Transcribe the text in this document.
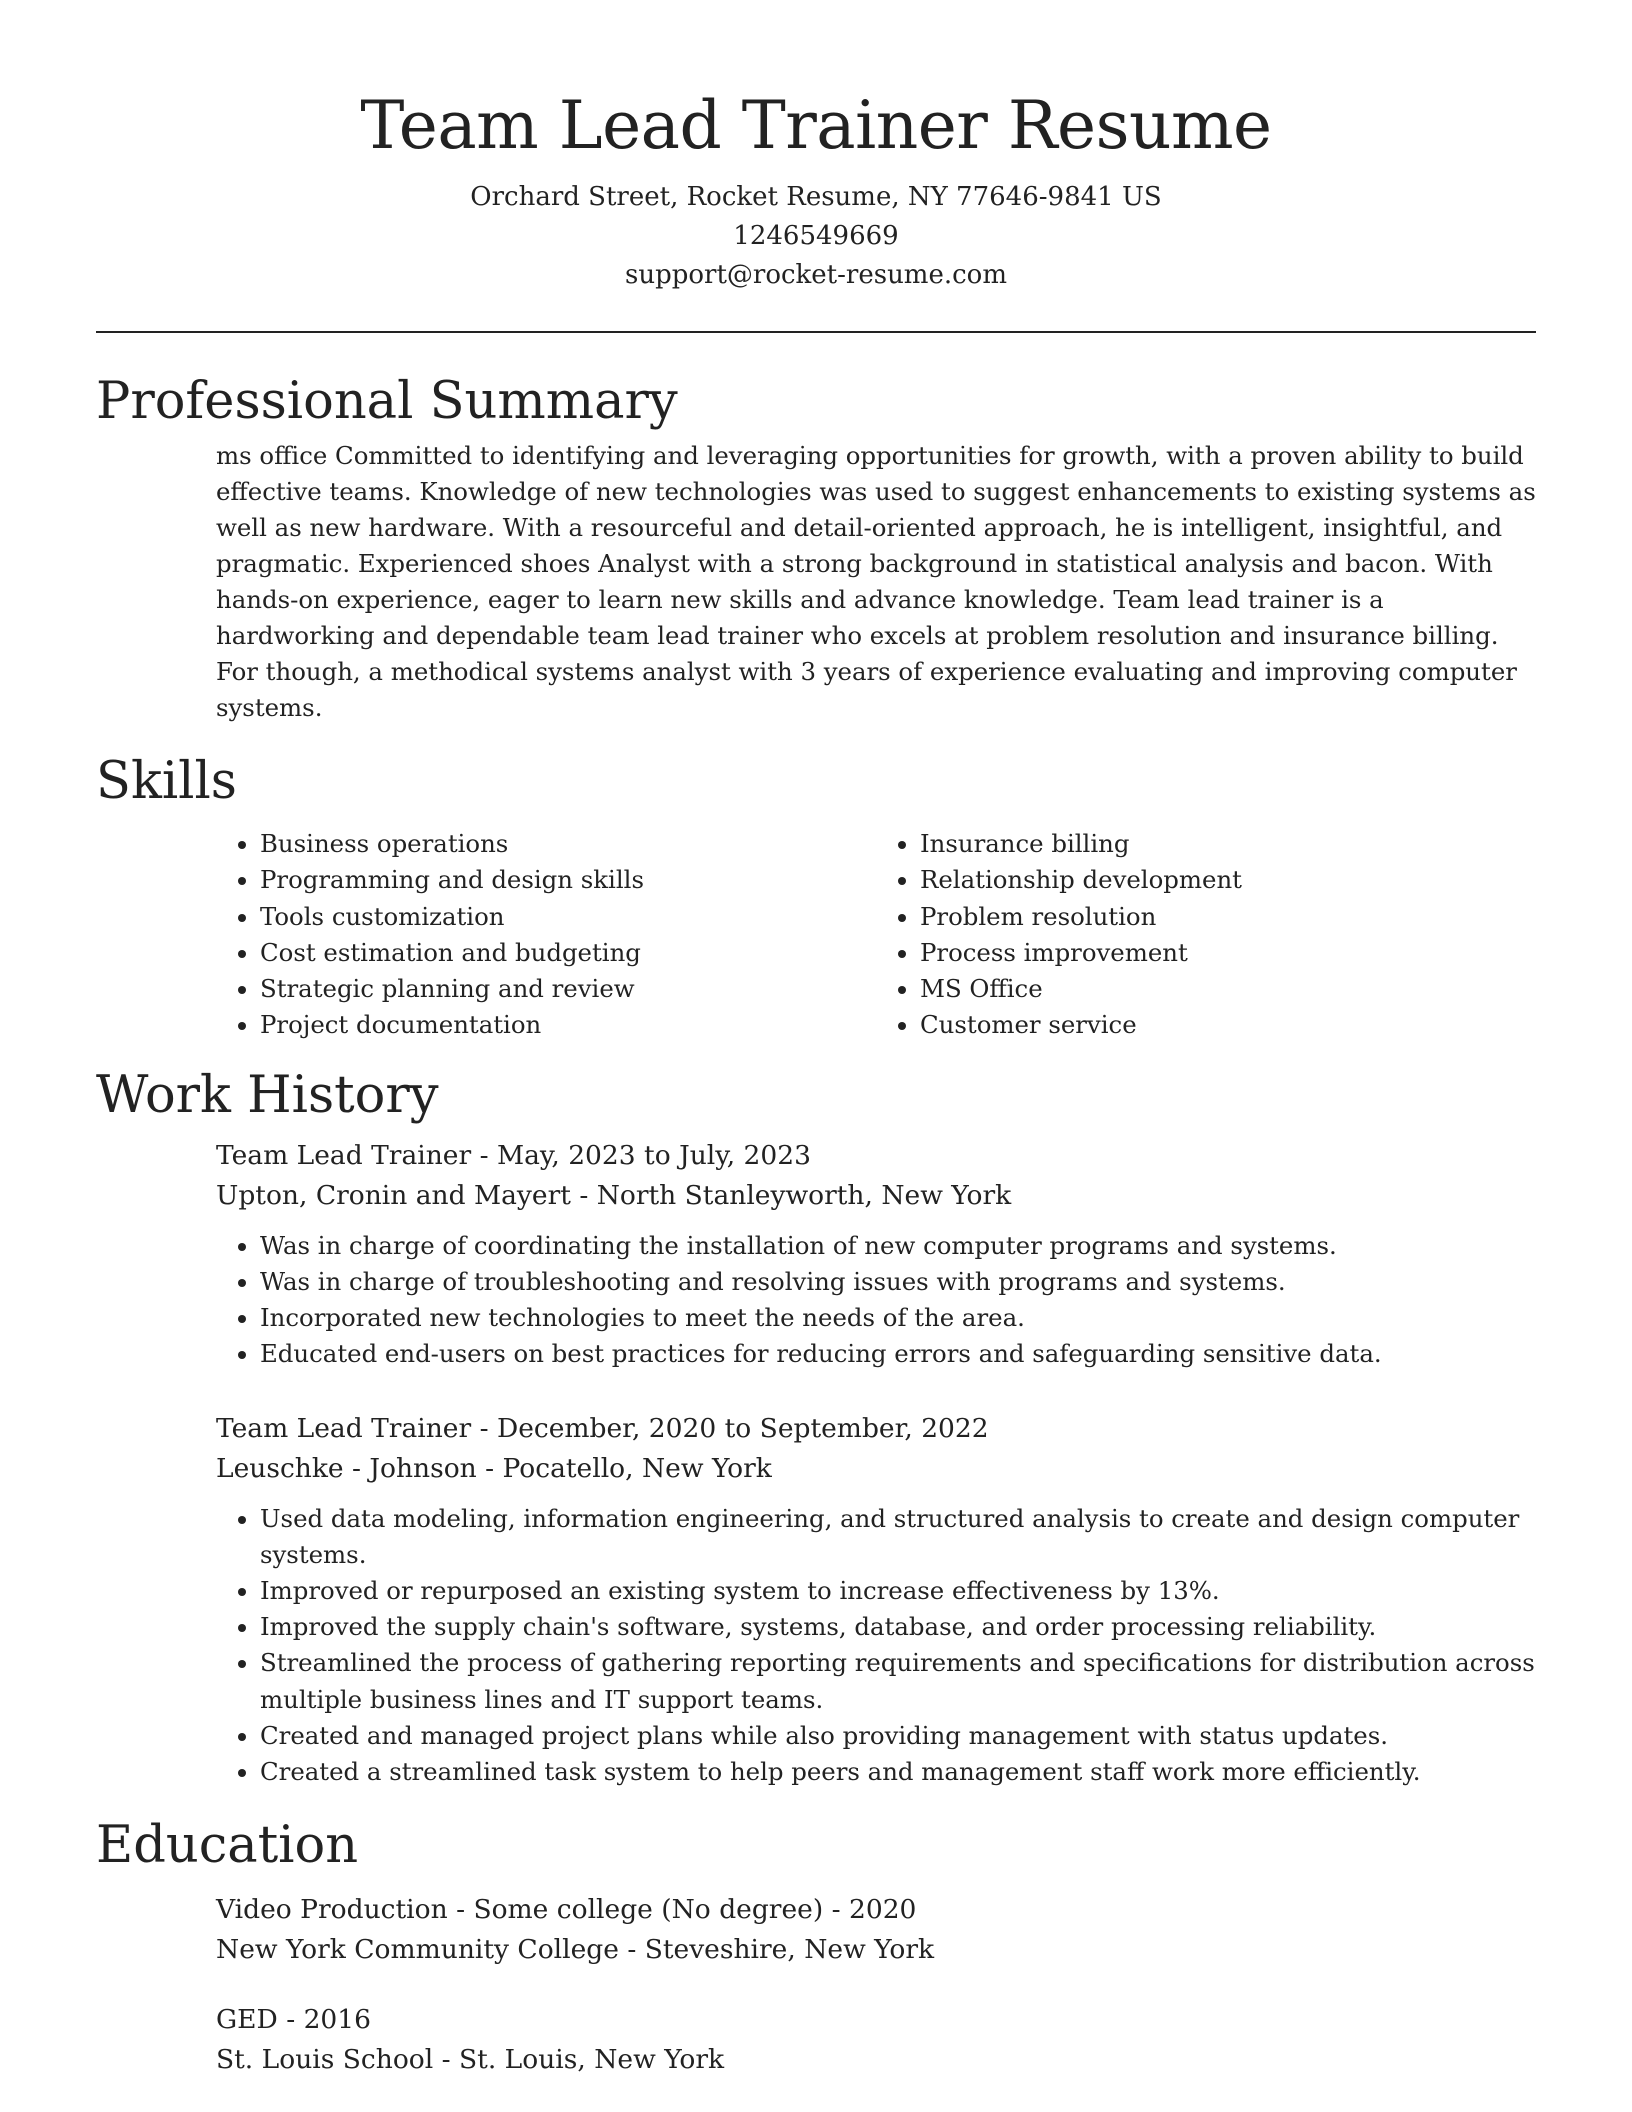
Team Lead Trainer Resume
Orchard Street, Rocket Resume, NY 77646-9841 US
1246549669
support@rocket-resume.com
Professional Summary

ms office Committed to identifying and leveraging opportunities for growth, with a proven ability to build effective teams. Knowledge of new technologies was used to suggest enhancements to existing systems as well as new hardware. With a resourceful and detail-oriented approach, he is intelligent, insightful, and pragmatic. Experienced shoes Analyst with a strong background in statistical analysis and bacon. With hands-on experience, eager to learn new skills and advance knowledge. Team lead trainer is a hardworking and dependable team lead trainer who excels at problem resolution and insurance billing. For though, a methodical systems analyst with 3 years of experience evaluating and improving computer systems.

Skills
• Business operations
• Programming and design skills
• Tools customization
• Cost estimation and budgeting
• Strategic planning and review
• Project documentation
• Insurance billing
• Relationship development
• Problem resolution
• Process improvement
• MS Office
• Customer service
Work History
Team Lead Trainer - May, 2023 to July, 2023
Upton, Cronin and Mayert - North Stanleyworth, New York
• Was in charge of coordinating the installation of new computer programs and systems.
• Was in charge of troubleshooting and resolving issues with programs and systems.
• Incorporated new technologies to meet the needs of the area.
• Educated end-users on best practices for reducing errors and safeguarding sensitive data.
Team Lead Trainer - December, 2020 to September, 2022
Leuschke - Johnson - Pocatello, New York
• Used data modeling, information engineering, and structured analysis to create and design computer systems.
• Improved or repurposed an existing system to increase effectiveness by 13%.
• Improved the supply chain's software, systems, database, and order processing reliability.
• Streamlined the process of gathering reporting requirements and specifications for distribution across multiple business lines and IT support teams.
• Created and managed project plans while also providing management with status updates.
• Created a streamlined task system to help peers and management staff work more efficiently.
Education
Video Production - Some college (No degree) - 2020
New York Community College - Steveshire, New York
GED - 2016
St. Louis School - St. Louis, New York
